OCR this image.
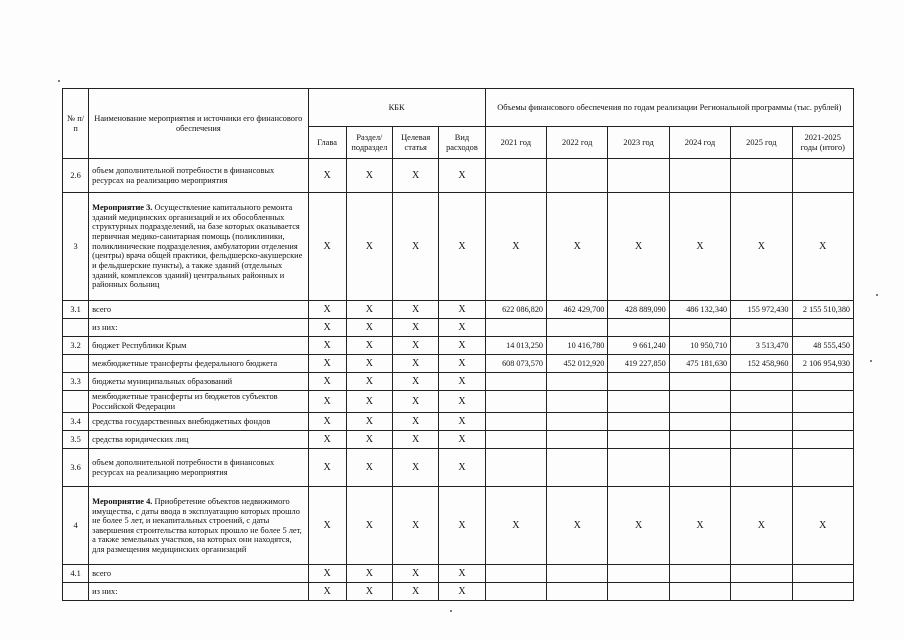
№ п/п	Наименование мероприятия и источники его финансового обеспечения	КБК				Объемы финансового обеспечения по годам реализации Региональной программы (тыс. рублей)					
		Глава	Раздел/ подраздел	Целевая статья	Вид расходов	2021 год	2022 год	2023 год	2024 год	2025 год	2021-2025 годы (итого)
2.6	объем дополнительной потребности в финансовых ресурсах на реализацию мероприятия	Х	Х	Х	Х						
3	Мероприятие 3. Осуществление капитального ремонта зданий медицинских организаций и их обособленных структурных подразделений, на базе которых оказывается первичная медико-санитарная помощь (поликлиники, поликлинические подразделения, амбулатории отделения (центры) врача общей практики, фельдшерско-акушерские и фельдшерские пункты), а также зданий (отдельных зданий, комплексов зданий) центральных районных и районных больниц	Х	Х	Х	Х	Х	Х	Х	Х	Х	Х
3.1	всего	Х	Х	Х	Х	622 086,820	462 429,700	428 889,090	486 132,340	155 972,430	2 155 510,380
	из них:	Х	Х	Х	Х						
3.2	бюджет Республики Крым	Х	Х	Х	Х	14 013,250	10 416,780	9 661,240	10 950,710	3 513,470	48 555,450
	межбюджетные трансферты федерального бюджета	Х	Х	Х	Х	608 073,570	452 012,920	419 227,850	475 181,630	152 458,960	2 106 954,930
3.3	бюджеты муниципальных образований	Х	Х	Х	Х						
	межбюджетные трансферты из бюджетов субъектов Российской Федерации	Х	Х	Х	Х						
3.4	средства государственных внебюджетных фондов	Х	Х	Х	Х						
3.5	средства юридических лиц	Х	Х	Х	Х						
3.6	объем дополнительной потребности в финансовых ресурсах на реализацию мероприятия	Х	Х	Х	Х						
4	Мероприятие 4. Приобретение объектов недвижимого имущества, с даты ввода в эксплуатацию которых прошло не более 5 лет, и некапитальных строений, с даты завершения строительства которых прошло не более 5 лет, а также земельных участков, на которых они находятся, для размещения медицинских организаций	Х	Х	Х	Х	Х	Х	Х	Х	Х	Х
4.1	всего	Х	Х	Х	Х						
	из них:	Х	Х	Х	Х						
